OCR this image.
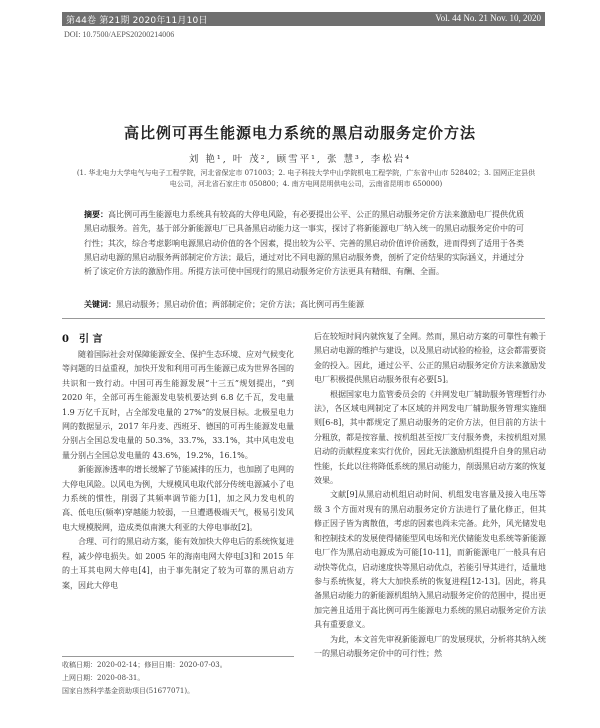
第44卷 第21期 2020年11月10日	Vol. 44 No. 21 Nov. 10, 2020
DOI: 10.7500/AEPS20200214006
高比例可再生能源电力系统的黑启动服务定价方法
刘 艳¹, 叶 茂², 顾雪平¹, 张 慧³, 李松岩⁴
(1. 华北电力大学电气与电子工程学院，河北省保定市 071003；2. 电子科技大学中山学院机电工程学院，广东省中山市 528402；3. 国网正定县供电公司，河北省石家庄市 050800；4. 南方电网昆明供电公司，云南省昆明市 650000)
摘要：高比例可再生能源电力系统具有较高的大停电风险，有必要提出公平、公正的黑启动服务定价方法来激励电厂提供优质黑启动服务。首先，基于部分新能源电厂已具备黑启动能力这一事实，探讨了将新能源电厂纳入统一的黑启动服务定价中的可行性；其次，综合考虑影响电源黑启动价值的各个因素，提出较为公平、完善的黑启动价值评价函数，进而得到了适用于各类黑启动电源的黑启动服务两部制定价方法；最后，通过对比不同电源的黑启动服务费，剖析了定价结果的实际涵义，并通过分析了该定价方法的激励作用。所提方法可使中国现行的黑启动服务定价方法更具有精细、有酬、全面。
关键词：黑启动服务；黑启动价值；两部制定价；定价方法；高比例可再生能源
0　引 言

随着国际社会对保障能源安全、保护生态环境、应对气候变化等问题的日益重视，加快开发和利用可再生能源已成为世界各国的共识和一致行动。中国可再生能源发展“十三五”规划提出，“到 2020 年，全部可再生能源发电装机要达到 6.8 亿千瓦，发电量 1.9 万亿千瓦时，占全部发电量的 27%”的发展目标。北极星电力网的数据显示，2017 年丹麦、西班牙、德国的可再生能源发电量分别占全国总发电量的 50.3%，33.7%，33.1%，其中风电发电量分别占全国总发电量的 43.6%，19.2%，16.1%。

新能源渗透率的增长缓解了节能减排的压力，也加剧了电网的大停电风险。以风电为例，大规模风电取代部分传统电源减小了电力系统的惯性，削弱了其频率调节能力[1]，加之风力发电机的高、低电压(频率)穿越能力较弱，一旦遭遇极端天气，极易引发风电大规模脱网，造成类似南澳大利亚的大停电事故[2]。

合理、可行的黑启动方案，能有效加快大停电后的系统恢复进程，减少停电损失。如 2005 年的海南电网大停电[3]和 2015 年的土耳其电网大停电[4]，由于事先制定了较为可靠的黑启动方案，因此大停电

收稿日期：2020-02-14；修回日期：2020-07-03。
上网日期：2020-08-31。
国家自然科学基金资助项目(51677071)。

后在较短时间内就恢复了全网。然而，黑启动方案的可靠性有赖于黑启动电源的维护与建设，以及黑启动试验的检验，这会都需要资金的投入。因此，通过公平、公正的黑启动服务定价方法来激励发电厂积极提供黑启动服务很有必要[5]。

根据国家电力监管委员会的《并网发电厂辅助服务管理暂行办法》，各区域电网制定了本区域的并网发电厂辅助服务管理实施细则[6-8]，其中都规定了黑启动服务的定价方法，但目前的方法十分粗放，都是按容量、按机组甚至按厂支付服务费，未按机组对黑启动的贡献程度来实行优价，因此无法激励机组提升自身的黑启动性能，长此以往将降低系统的黑启动能力，削弱黑启动方案的恢复效果。

文献[9]从黑启动机组启动时间、机组发电容量及接入电压等级 3 个方面对现有的黑启动服务定价方法进行了量化修正，但其修正因子皆为离散值，考虑的因素也尚未完备。此外，风光储发电和控制技术的发展使得储能型风电场和光伏储能发电系统等新能源电厂作为黑启动电源成为可能[10-11]，而新能源电厂一般具有启动快等优点，启动速度快等黑启动优点，若能引导其进行，适量地参与系统恢复，将大大加快系统的恢复进程[12-13]。因此，将具备黑启动能力的新能源机组纳入黑启动服务定价的范围中，提出更加完善且适用于高比例可再生能源电力系统的黑启动服务定价方法具有重要意义。

为此，本文首先审视新能源电厂的发展现状，分析将其纳入统一的黑启动服务定价中的可行性；然
